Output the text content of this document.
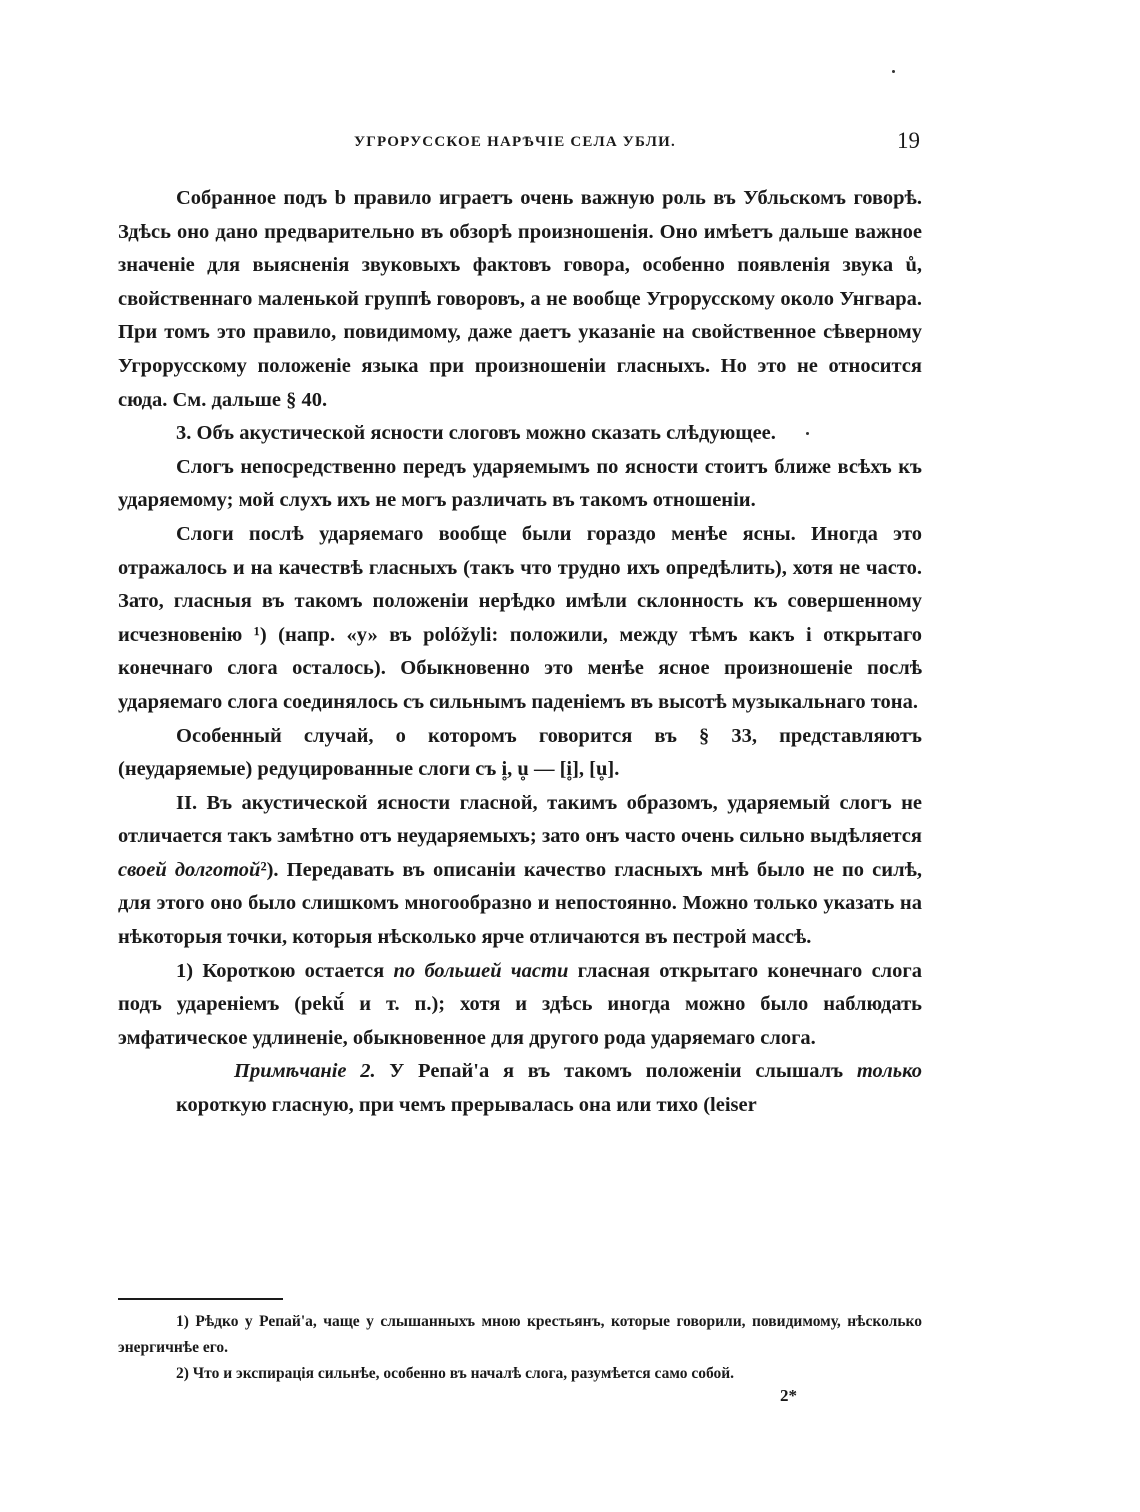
УГРОРУССКОЕ НАРѢЧІЕ СЕЛА УБЛИ.	19

Собранное подъ b правило играетъ очень важную роль въ Убльскомъ говорѣ. Здѣсь оно дано предварительно въ обзорѣ произношенія. Оно имѣетъ дальше важное значеніе для выясненія звуковыхъ фактовъ говора, особенно появленія звука ů, свойственнаго маленькой группѣ говоровъ, а не вообще Угрорусскому около Унгвара. При томъ это правило, повидимому, даже даетъ указаніе на свойственное сѣверному Угрорусскому положеніе языка при произношеніи гласныхъ. Но это не относится сюда. См. дальше § 40.

3. Объ акустической ясности слоговъ можно сказать слѣдующее.

Слогъ непосредственно передъ ударяемымъ по ясности стоитъ ближе всѣхъ къ ударяемому; мой слухъ ихъ не могъ различать въ такомъ отношеніи.

Слоги послѣ ударяемаго вообще были гораздо менѣе ясны. Иногда это отражалось и на качествѣ гласныхъ (такъ что трудно ихъ опредѣлить), хотя не часто. Зато, гласныя въ такомъ положеніи нерѣдко имѣли склонность къ совершенному исчезновенію ¹) (напр. «у» въ polóžyli: положили, между тѣмъ какъ i открытаго конечнаго слога осталось). Обыкновенно это менѣе ясное произношеніе послѣ ударяемаго слога соединялось съ сильнымъ паденіемъ въ высотѣ музыкальнаго тона.

Особенный случай, о которомъ говорится въ § 33, представляютъ (неударяемые) редуцированные слоги съ i̥, u̥ — [i̥], [u̥].

II. Въ акустической ясности гласной, такимъ образомъ, ударяемый слогъ не отличается такъ замѣтно отъ неударяемыхъ; зато онъ часто очень сильно выдѣляется своей долготой²). Передавать въ описаніи качество гласныхъ мнѣ было не по силѣ, для этого оно было слишкомъ многообразно и непостоянно. Можно только указать на нѣкоторыя точки, которыя нѣсколько ярче отличаются въ пестрой массѣ.

1) Короткою остается по большей части гласная открытаго конечнаго слога подъ удареніемъ (pekŭ́ и т. п.); хотя и здѣсь иногда можно было наблюдать эмфатическое удлиненіе, обыкновенное для другого рода ударяемаго слога.

Примѣчаніе 2. У Репай'а я въ такомъ положеніи слышалъ только короткую гласную, при чемъ прерывалась она или тихо (leiser

1) Рѣдко у Репай'а, чаще у слышанныхъ мною крестьянъ, которые говорили, повидимому, нѣсколько энергичнѣе его.

2) Что и экспирація сильнѣе, особенно въ началѣ слога, разумѣется само собой.

2*
